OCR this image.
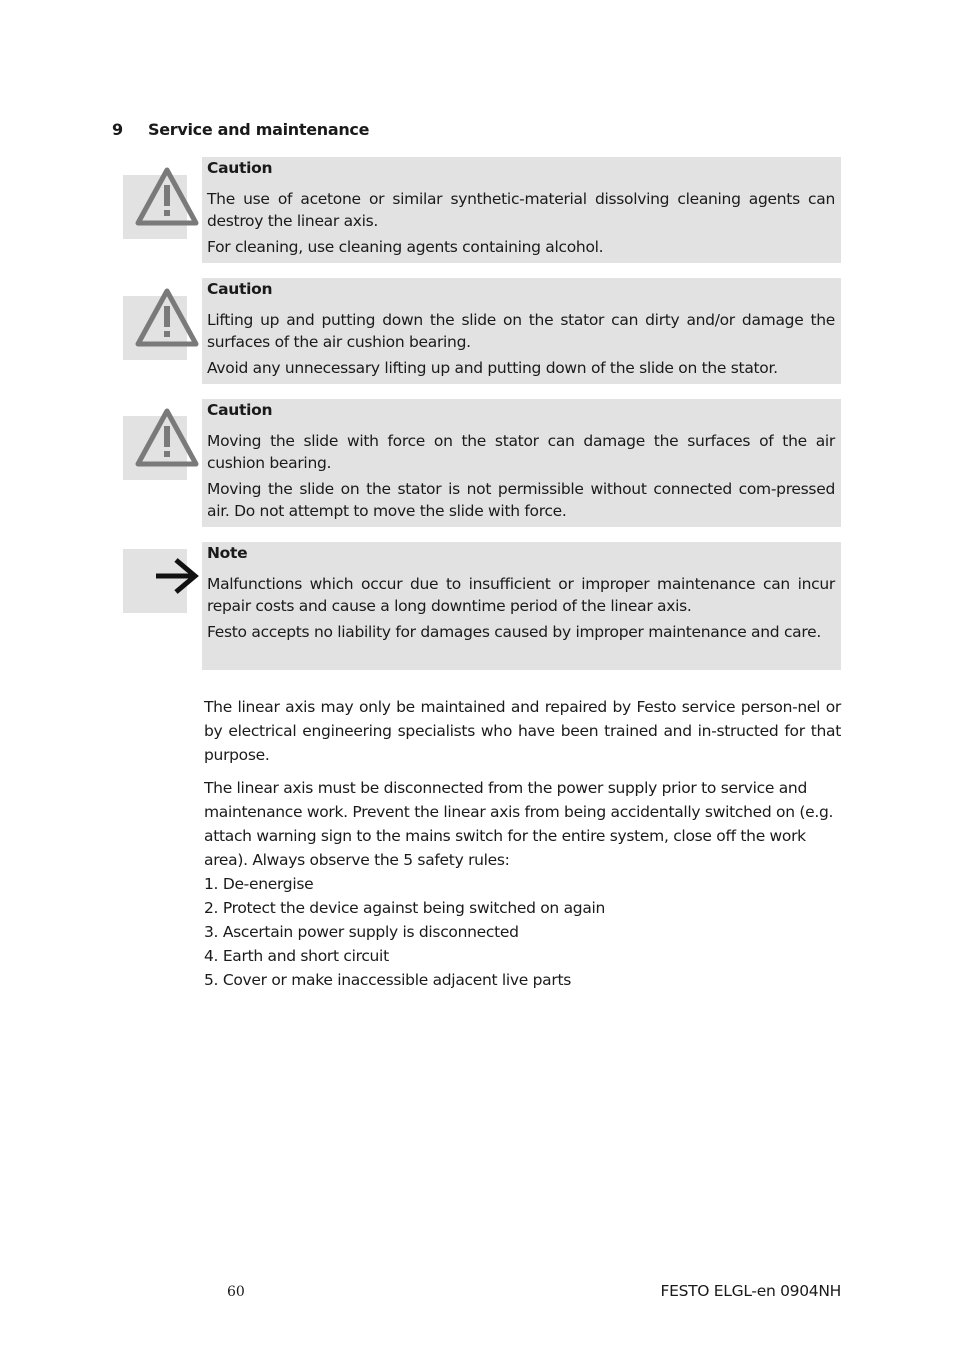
9 Service and maintenance

Caution

The use of acetone or similar synthetic-material dissolving cleaning agents can destroy the linear axis.

For cleaning, use cleaning agents containing alcohol.

Caution

Lifting up and putting down the slide on the stator can dirty and/or damage the surfaces of the air cushion bearing.

Avoid any unnecessary lifting up and putting down of the slide on the stator.

Caution

Moving the slide with force on the stator can damage the surfaces of the air cushion bearing.

Moving the slide on the stator is not permissible without connected com-pressed air. Do not attempt to move the slide with force.

Note

Malfunctions which occur due to insufficient or improper maintenance can incur repair costs and cause a long downtime period of the linear axis.

Festo accepts no liability for damages caused by improper maintenance and care.

The linear axis may only be maintained and repaired by Festo service person-nel or by electrical engineering specialists who have been trained and in-structed for that purpose.

The linear axis must be disconnected from the power supply prior to service and maintenance work. Prevent the linear axis from being accidentally switched on (e.g. attach warning sign to the mains switch for the entire system, close off the work area). Always observe the 5 safety rules:

1. De-energise
2. Protect the device against being switched on again
3. Ascertain power supply is disconnected
4. Earth and short circuit
5. Cover or make inaccessible adjacent live parts
60	FESTO ELGL-en 0904NH
